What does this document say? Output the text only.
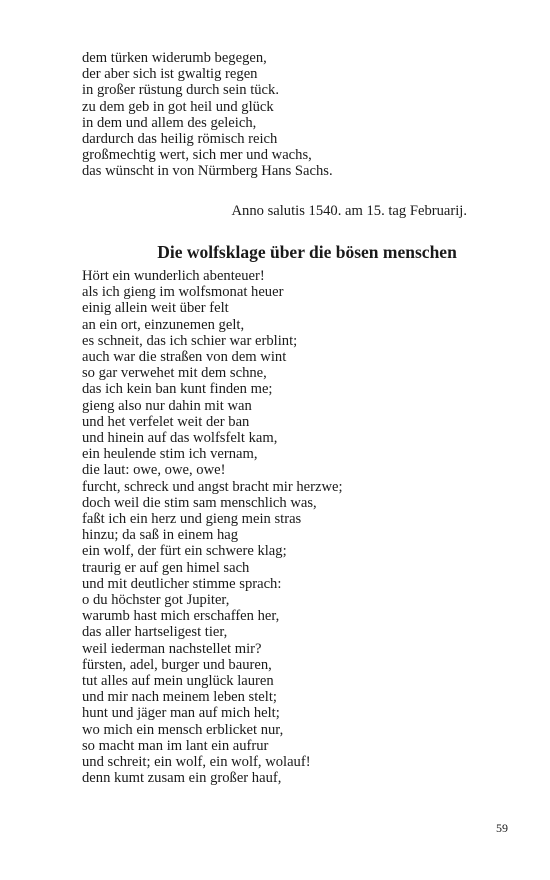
dem türken widerumb begegen,
der aber sich ist gwaltig regen
in großer rüstung durch sein tück.
zu dem geb in got heil und glück
in dem und allem des geleich,
dardurch das heilig römisch reich
großmechtig wert, sich mer und wachs,
das wünscht in von Nürmberg Hans Sachs.
Anno salutis 1540. am 15. tag Februarij.
Die wolfsklage über die bösen menschen
Hört ein wunderlich abenteuer!
als ich gieng im wolfsmonat heuer
einig allein weit über felt
an ein ort, einzunemen gelt,
es schneit, das ich schier war erblint;
auch war die straßen von dem wint
so gar verwehet mit dem schne,
das ich kein ban kunt finden me;
gieng also nur dahin mit wan
und het verfelet weit der ban
und hinein auf das wolfsfelt kam,
ein heulende stim ich vernam,
die laut: owe, owe, owe!
furcht, schreck und angst bracht mir herzwe;
doch weil die stim sam menschlich was,
faßt ich ein herz und gieng mein stras
hinzu; da saß in einem hag
ein wolf, der fürt ein schwere klag;
traurig er auf gen himel sach
und mit deutlicher stimme sprach:
o du höchster got Jupiter,
warumb hast mich erschaffen her,
das aller hartseligest tier,
weil iederman nachstellet mir?
fürsten, adel, burger und bauren,
tut alles auf mein unglück lauren
und mir nach meinem leben stelt;
hunt und jäger man auf mich helt;
wo mich ein mensch erblicket nur,
so macht man im lant ein aufrur
und schreit; ein wolf, ein wolf, wolauf!
denn kumt zusam ein großer hauf,
59
